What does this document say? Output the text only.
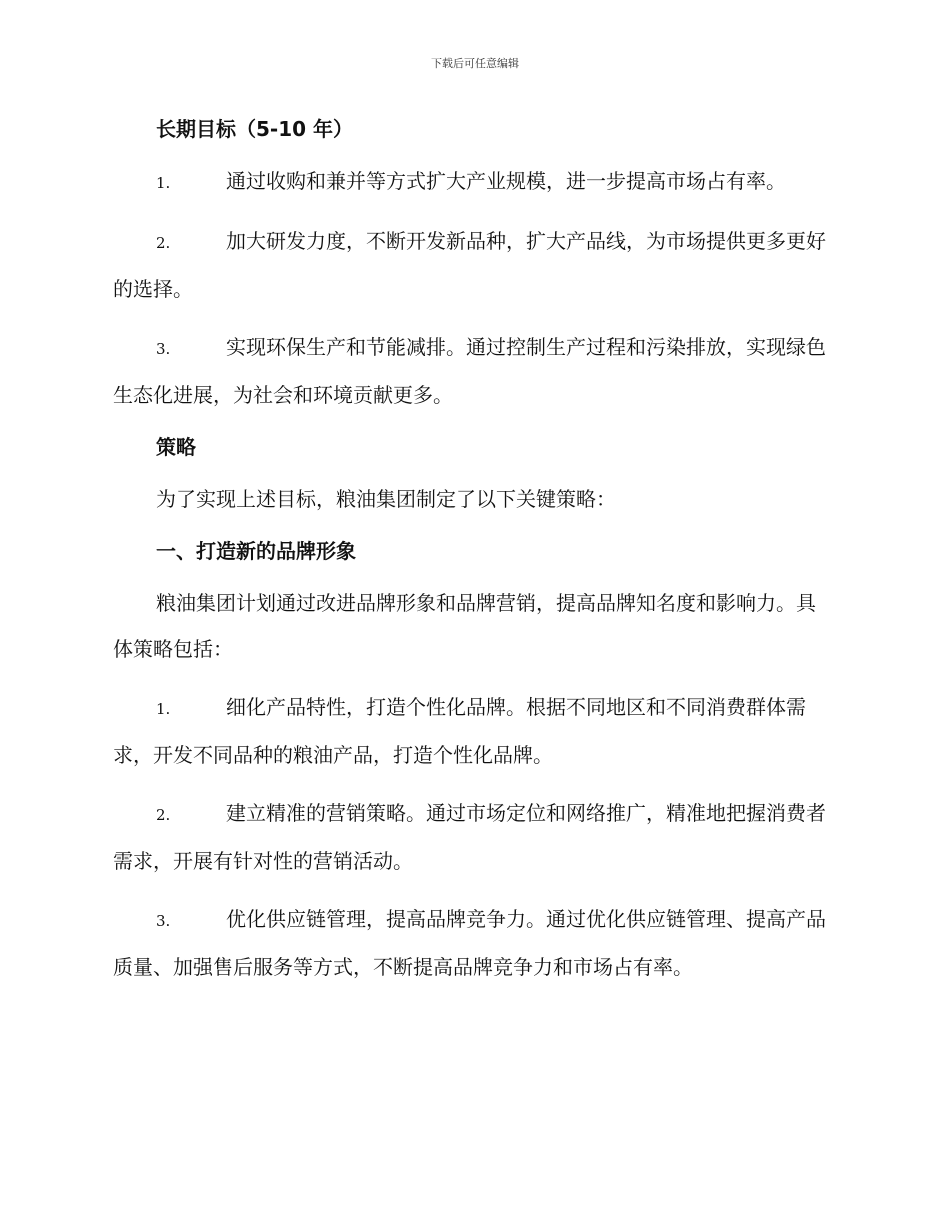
下载后可任意编辑
长期目标（5-10 年）

1.	通过收购和兼并等方式扩大产业规模，进一步提高市场占有率。

2.	加大研发力度，不断开发新品种，扩大产品线，为市场提供更多更好的选择。

3.	实现环保生产和节能减排。通过控制生产过程和污染排放，实现绿色生态化进展，为社会和环境贡献更多。

策略

为了实现上述目标，粮油集团制定了以下关键策略：

一、打造新的品牌形象

粮油集团计划通过改进品牌形象和品牌营销，提高品牌知名度和影响力。具体策略包括：

1.	细化产品特性，打造个性化品牌。根据不同地区和不同消费群体需求，开发不同品种的粮油产品，打造个性化品牌。

2.	建立精准的营销策略。通过市场定位和网络推广，精准地把握消费者需求，开展有针对性的营销活动。

3.	优化供应链管理，提高品牌竞争力。通过优化供应链管理、提高产品质量、加强售后服务等方式，不断提高品牌竞争力和市场占有率。
